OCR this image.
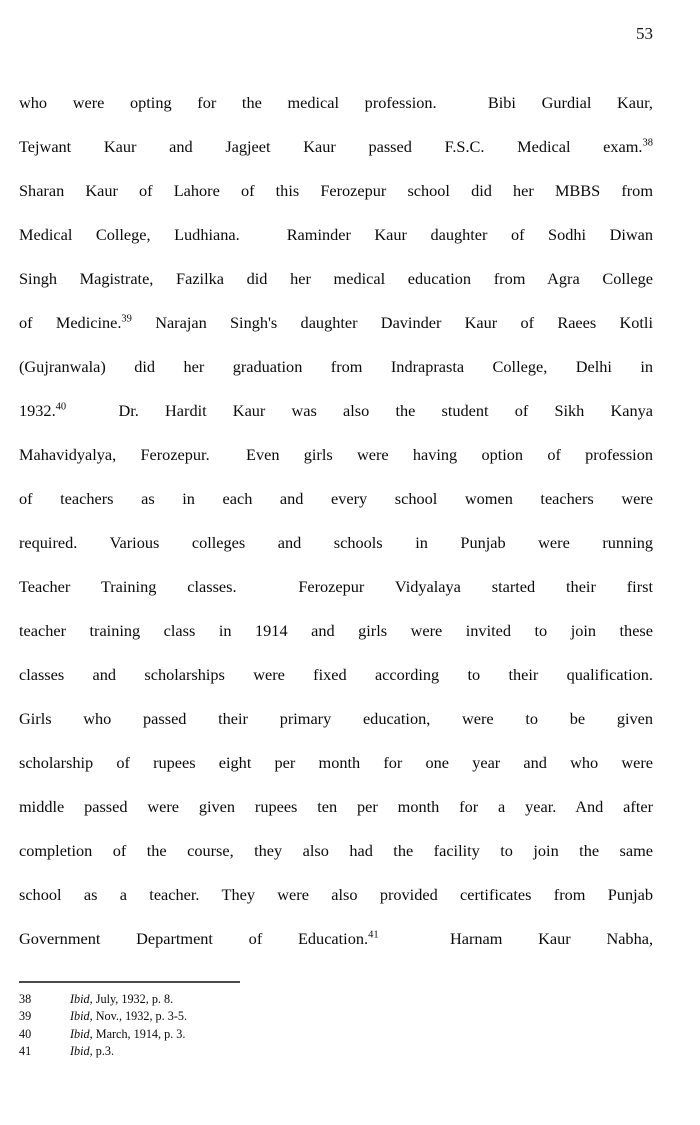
53

who  were  opting  for  the  medical  profession.    Bibi  Gurdial  Kaur,

Tejwant  Kaur  and  Jagjeet  Kaur  passed  F.S.C.  Medical  exam.$^{38}$

Sharan  Kaur  of  Lahore  of  this  Ferozepur  school  did  her  MBBS  from

Medical  College,  Ludhiana.    Raminder  Kaur  daughter  of  Sodhi  Diwan

Singh  Magistrate,  Fazilka  did  her  medical  education  from  Agra  College

of  Medicine.$^{39}$  Narajan  Singh's  daughter  Davinder  Kaur  of  Raees  Kotli

(Gujranwala)  did  her  graduation  from  Indraprasta  College,  Delhi  in

1932.40    Dr.  Hardit  Kaur  was  also  the  student  of  Sikh  Kanya

Mahavidyalya,  Ferozepur.   Even  girls  were  having  option  of  profession

of  teachers  as  in  each  and  every  school  women  teachers  were

required.  Various  colleges  and  schools  in  Punjab  were  running

Teacher  Training  classes.    Ferozepur  Vidyalaya  started  their  first

teacher  training  class  in  1914  and  girls  were  invited  to  join  these

classes  and  scholarships  were  fixed  according  to  their  qualification.

Girls  who  passed  their  primary  education,  were  to  be  given

scholarship  of  rupees  eight  per  month  for  one  year  and  who  were

middle  passed  were  given  rupees  ten  per  month  for  a  year.  And  after

completion  of  the  course,  they  also  had  the  facility  to  join  the  same

school  as  a  teacher.  They  were  also  provided  certificates  from  Punjab

Government  Department  of  Education.$^{41}$    Harnam  Kaur  Nabha,

38	Ibid, July, 1932, p. 8.
39	Ibid, Nov., 1932, p. 3-5.
40	Ibid, March, 1914, p. 3.
41	Ibid, p.3.
